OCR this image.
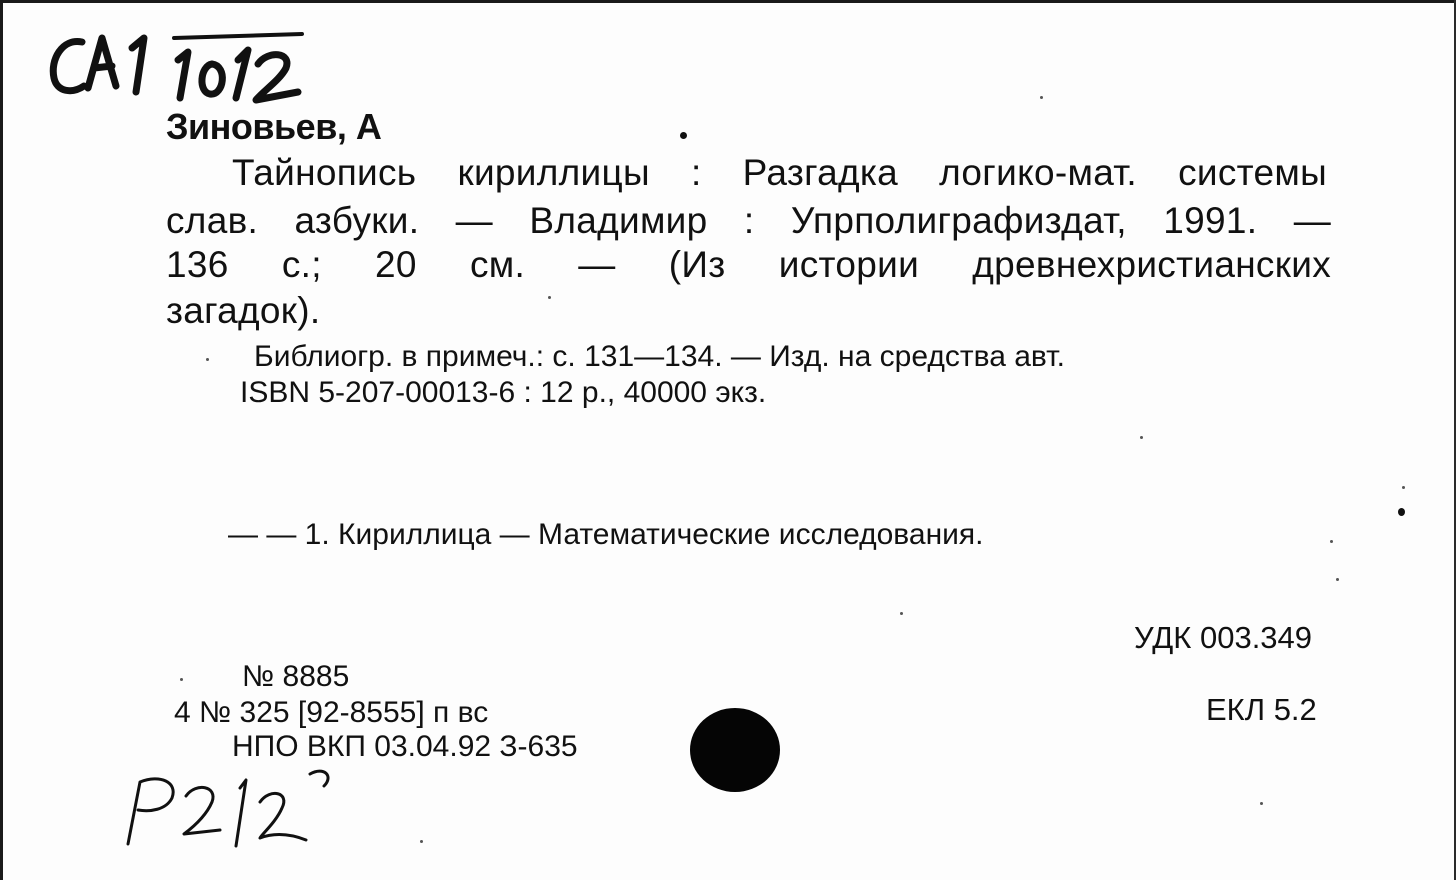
Зиновьев, А

Тайнопись кириллицы : Разгадка логико-мат. системы

слав. азбуки. — Владимир : Упрполиграфиздат, 1991. —

136 с.; 20 см. — (Из истории древнехристианских

загадок).

Библиогр. в примеч.: с. 131—134. — Изд. на средства авт.

ISBN 5-207-00013-6 : 12 р., 40000 экз.

— — 1. Кириллица — Математические исследования.

УДК 003.349

ЕКЛ 5.2

№ 8885

4 № 325 [92-8555] п вс

НПО ВКП 03.04.92 З-635
